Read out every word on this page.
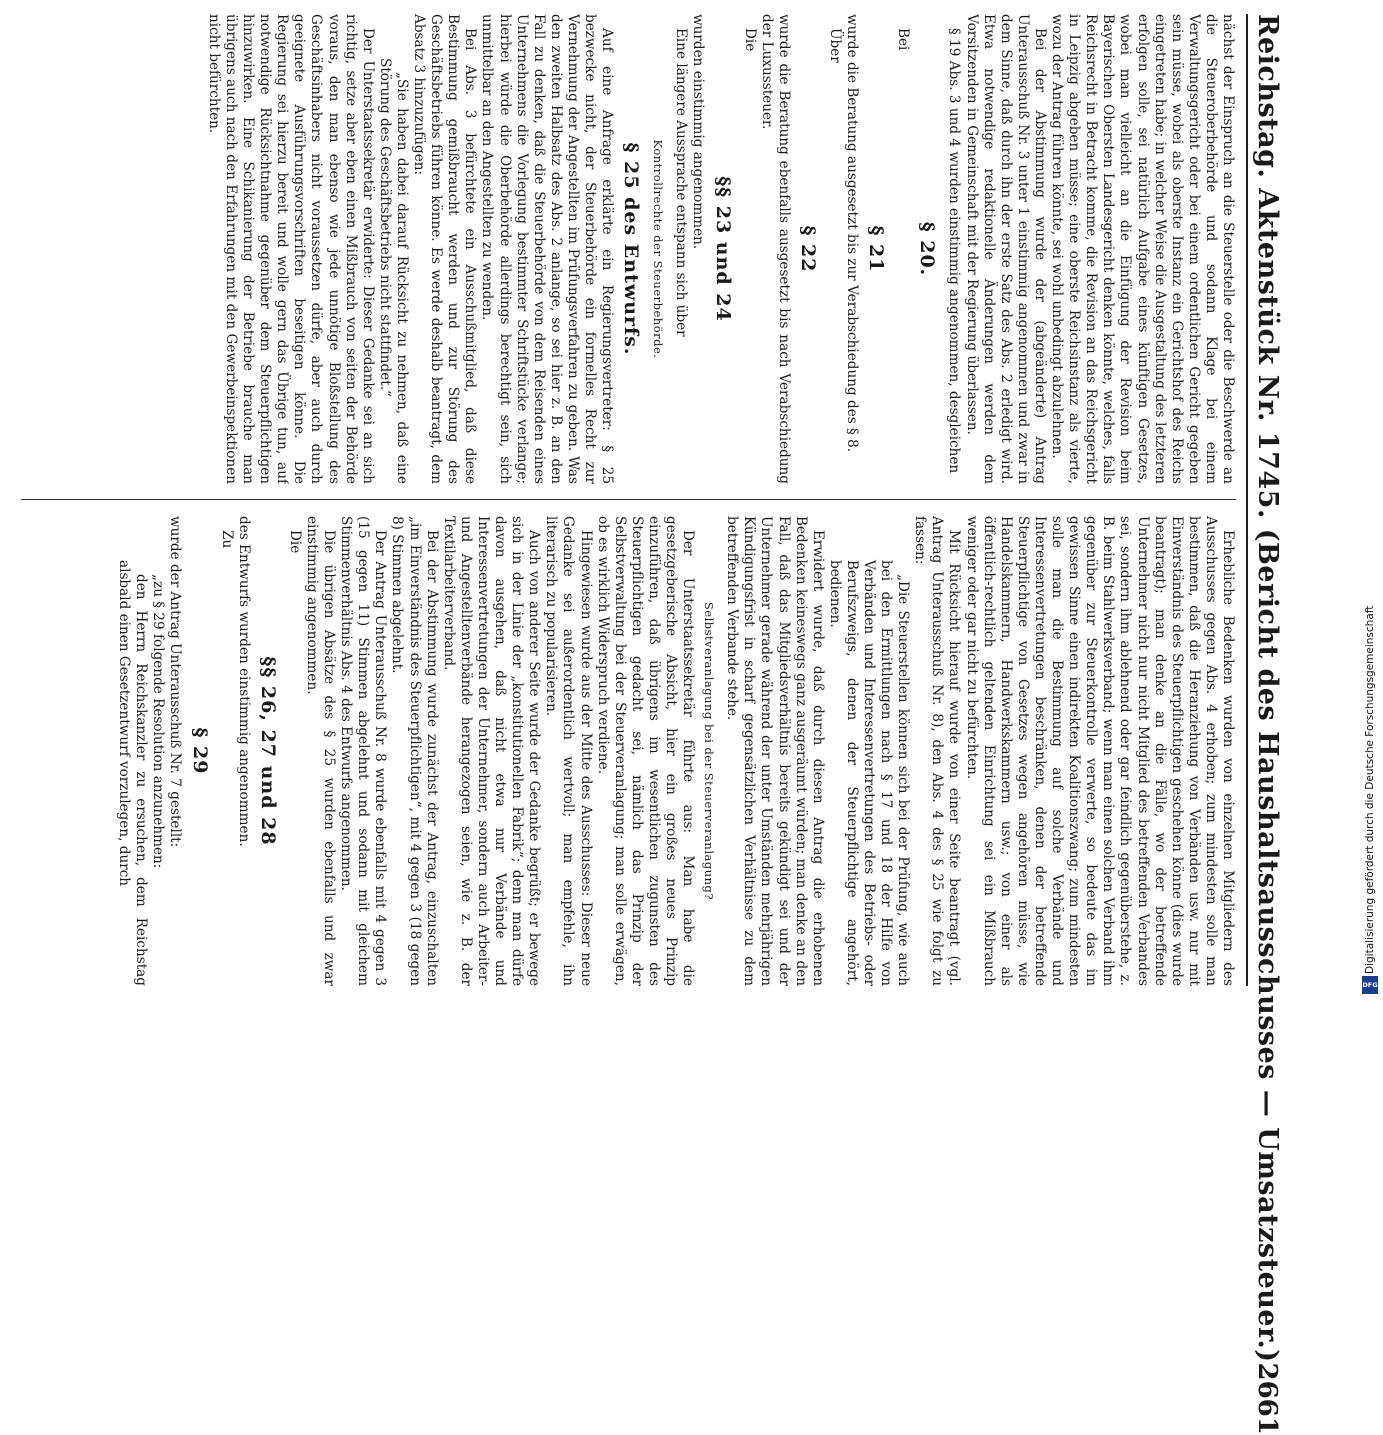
Reichstag. Aktenstück Nr. 1745. (Bericht des Haushaltsausschusses — Umsatzsteuer.)
2661

nächst der Einspruch an die Steuerstelle oder die Beschwerde an die Steueroberbehörde und sodann Klage bei einem Verwaltungsgericht oder bei einem ordentlichen Gericht gegeben sein müsse, wobei als oberste Instanz ein Gerichtshof des Reichs eingetreten habe; in welcher Weise die Ausgestaltung des letzteren erfolgen solle, sei natürlich Aufgabe eines künftigen Gesetzes, wobei man vielleicht an die Einfügung der Revision beim Bayerischen Obersten Landesgericht denken könnte, welches, falls Reichsrecht in Betracht komme, die Revision an das Reichsgericht in Leipzig abgeben müsse; eine oberste Reichsinstanz als vierte, wozu der Antrag führen könnte, sei wohl unbedingt abzulehnen.

Bei der Abstimmung wurde der (abgeänderte) Antrag Unterausschuß Nr. 3 unter 1 einstimmig angenommen und zwar in dem Sinne, daß durch ihn der erste Satz des Abs. 2 erledigt wird. Etwa notwendige redaktionelle Änderungen werden dem Vorsitzenden in Gemeinschaft mit der Regierung überlassen.

§ 19 Abs. 3 und 4 wurden einstimmig angenommen, desgleichen

§ 20.

Bei

§ 21

wurde die Beratung ausgesetzt bis zur Verabschiedung des § 8.

Über

§ 22

wurde die Beratung ebenfalls ausgesetzt bis nach Verabschiedung der Luxussteuer.

Die

§§ 23 und 24

wurden einstimmig angenommen.

Eine längere Aussprache entspann sich über

Kontrollrechte der Steuerbehörde.
§ 25 des Entwurfs.

Auf eine Anfrage erklärte ein Regierungsvertreter: § 25 bezwecke nicht, der Steuerbehörde ein formelles Recht zur Vernehmung der Angestellten im Prüfungsverfahren zu geben. Was den zweiten Halbsatz des Abs. 2 anlange, so sei hier z. B. an den Fall zu denken, daß die Steuerbehörde von dem Reisenden eines Unternehmens die Vorlegung bestimmter Schriftstücke verlange; hierbei würde die Oberbehörde allerdings berechtigt sein, sich unmittelbar an den Angestellten zu wenden.

Bei Abs. 3 befürchtete ein Ausschußmitglied, daß diese Bestimmung gemißbraucht werden und zur Störung des Geschäftsbetriebs führen könne. Es werde deshalb beantragt, dem Absatz 3 hinzuzufügen:

„Sie haben dabei darauf Rücksicht zu nehmen, daß eine Störung des Geschäftsbetriebs nicht stattfindet.“

Der Unterstaatssekretär erwiderte: Dieser Gedanke sei an sich richtig, setze aber eben einen Mißbrauch von seiten der Behörde voraus, den man ebenso wie jede unnötige Bloßstellung des Geschäftsinhabers nicht voraussetzen dürfe, aber auch durch geeignete Ausführungsvorschriften beseitigen könne. Die Regierung sei hierzu bereit und wolle gern das Übrige tun, auf notwendige Rücksichtnahme gegenüber dem Steuerpflichtigen hinzuwirken. Eine Schikanierung der Betriebe brauche man übrigens auch nach den Erfahrungen mit den Gewerbeinspektionen nicht befürchten.

Erhebliche Bedenken wurden von einzelnen Mitgliedern des Ausschusses gegen Abs. 4 erhoben; zum mindesten solle man bestimmen, daß die Heranziehung von Verbänden usw. nur mit Einverständnis des Steuerpflichtigen geschehen könne (dies wurde beantragt); man denke an die Fälle, wo der betreffende Unternehmer nicht nur nicht Mitglied des betreffenden Verbandes sei, sondern ihm ablehnend oder gar feindlich gegenüberstehe, z. B. beim Stahlwerksverband; wenn man einen solchen Verband ihm gegenüber zur Steuerkontrolle verwerte, so bedeute das im gewissen Sinne einen indirekten Koalitionszwang; zum mindesten solle man die Bestimmung auf solche Verbände und Interessenvertretungen beschränken, denen der betreffende Steuerpflichtige von Gesetzes wegen angehören müsse, wie Handelskammern, Handwerkskammern usw.; von einer als öffentlich-rechtlich geltenden Einrichtung sei ein Mißbrauch weniger oder gar nicht zu befürchten.

Mit Rücksicht hierauf wurde von einer Seite beantragt (vgl. Antrag Unterausschuß Nr. 8), den Abs. 4 des § 25 wie folgt zu fassen:

„Die Steuerstellen können sich bei der Prüfung, wie auch bei den Ermittlungen nach § 17 und 18 der Hilfe von Verbänden und Interessenvertretungen des Betriebs- oder Berufszweigs, denen der Steuerpflichtige angehört, bedienen.

Erwidert wurde, daß durch diesen Antrag die erhobenen Bedenken keineswegs ganz ausgeräumt würden; man denke an den Fall, daß das Mitgliedsverhältnis bereits gekündigt sei und der Unternehmer gerade während der unter Umständen mehrjährigen Kündigungsfrist in scharf gegensätzlichen Verhältnisse zu dem betreffenden Verbande stehe.

Selbstveranlagung bei der Steuerveranlagung?

Der Unterstaatssekretär führte aus: Man habe die gesetzgeberische Absicht, hier ein großes neues Prinzip einzuführen, daß übrigens im wesentlichen zugunsten des Steuerpflichtigen gedacht sei, nämlich das Prinzip der Selbstverwaltung bei der Steuerveranlagung; man solle erwägen, ob es wirklich Widerspruch verdiene.

Hingewiesen wurde aus der Mitte des Ausschusses: Dieser neue Gedanke sei außerordentlich wertvoll; man empfehle, ihn literarisch zu popularisieren.

Auch von anderer Seite wurde der Gedanke begrüßt; er bewege sich in der Linie der „konstitutionellen Fabrik“; denn man dürfe davon ausgehen, daß nicht etwa nur Verbände und Interessenvertretungen der Unternehmer, sondern auch Arbeiter- und Angestelltenverbände herangezogen seien, wie z. B. der Textilarbeiterverband.

Bei der Abstimmung wurde zunächst der Antrag, einzuschalten „im Einverständnis des Steuerpflichtigen“, mit 4 gegen 3 (18 gegen 8) Stimmen abgelehnt.

Der Antrag Unterausschuß Nr. 8 wurde ebenfalls mit 4 gegen 3 (15 gegen 11) Stimmen abgelehnt und sodann mit gleichem Stimmenverhältnis Abs. 4 des Entwurfs angenommen.

Die übrigen Absätze des § 25 wurden ebenfalls und zwar einstimmig angenommen.

Die

§§ 26, 27 und 28

des Entwurfs wurden einstimmig angenommen.

Zu

§ 29

wurde der Antrag Unterausschuß Nr. 7 gestellt:

„zu § 29 folgende Resolution anzunehmen:

den Herrn Reichskanzler zu ersuchen, dem Reichstag alsbald einen Gesetzentwurf vorzulegen, durch	Digitalisierung gefördert durch die Deutsche Forschungsgemeinschaft
DFG
